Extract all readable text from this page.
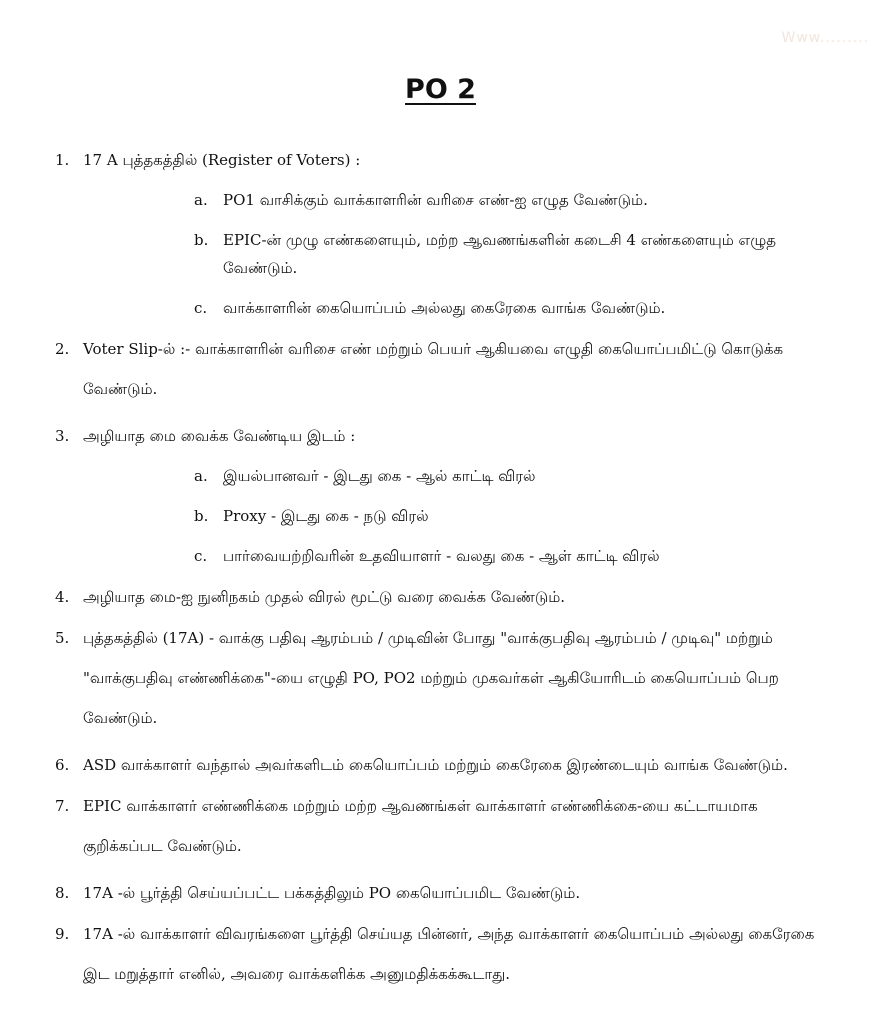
Www.........
PO 2
1. 17 A புத்தகத்தில் (Register of Voters) :
a. PO1 வாசிக்கும் வாக்காளரின் வரிசை எண்-ஐ எழுத வேண்டும்.
b. EPIC-ன் முழு எண்களையும், மற்ற ஆவணங்களின் கடைசி 4 எண்களையும் எழுத வேண்டும்.
c. வாக்காளரின் கையொப்பம் அல்லது கைரேகை வாங்க வேண்டும்.
2. Voter Slip-ல் :- வாக்காளரின் வரிசை எண் மற்றும் பெயர் ஆகியவை எழுதி கையொப்பமிட்டு கொடுக்க வேண்டும்.
3. அழியாத மை வைக்க வேண்டிய இடம் :
a. இயல்பானவர் - இடது கை - ஆல் காட்டி விரல்
b. Proxy - இடது கை - நடு விரல்
c. பார்வையற்றிவரின் உதவியாளர் - வலது கை - ஆள் காட்டி விரல்
4. அழியாத மை-ஐ நுனிநகம் முதல் விரல் மூட்டு வரை வைக்க வேண்டும்.
5. புத்தகத்தில் (17A) - வாக்கு பதிவு ஆரம்பம் / முடிவின் போது "வாக்குபதிவு ஆரம்பம் / முடிவு" மற்றும் "வாக்குபதிவு எண்ணிக்கை"-யை எழுதி PO, PO2 மற்றும் முகவர்கள் ஆகியோரிடம் கையொப்பம் பெற வேண்டும்.
6. ASD வாக்காளர் வந்தால் அவர்களிடம் கையொப்பம் மற்றும் கைரேகை இரண்டையும் வாங்க வேண்டும்.
7. EPIC வாக்காளர் எண்ணிக்கை மற்றும் மற்ற ஆவணங்கள் வாக்காளர் எண்ணிக்கை-யை கட்டாயமாக குறிக்கப்பட வேண்டும்.
8. 17A -ல் பூர்த்தி செய்யப்பட்ட பக்கத்திலும் PO கையொப்பமிட வேண்டும்.
9. 17A -ல் வாக்காளர் விவரங்களை பூர்த்தி செய்யத பின்னர், அந்த வாக்காளர் கையொப்பம் அல்லது கைரேகை இட மறுத்தார் எனில், அவரை வாக்களிக்க அனுமதிக்கக்கூடாது.
